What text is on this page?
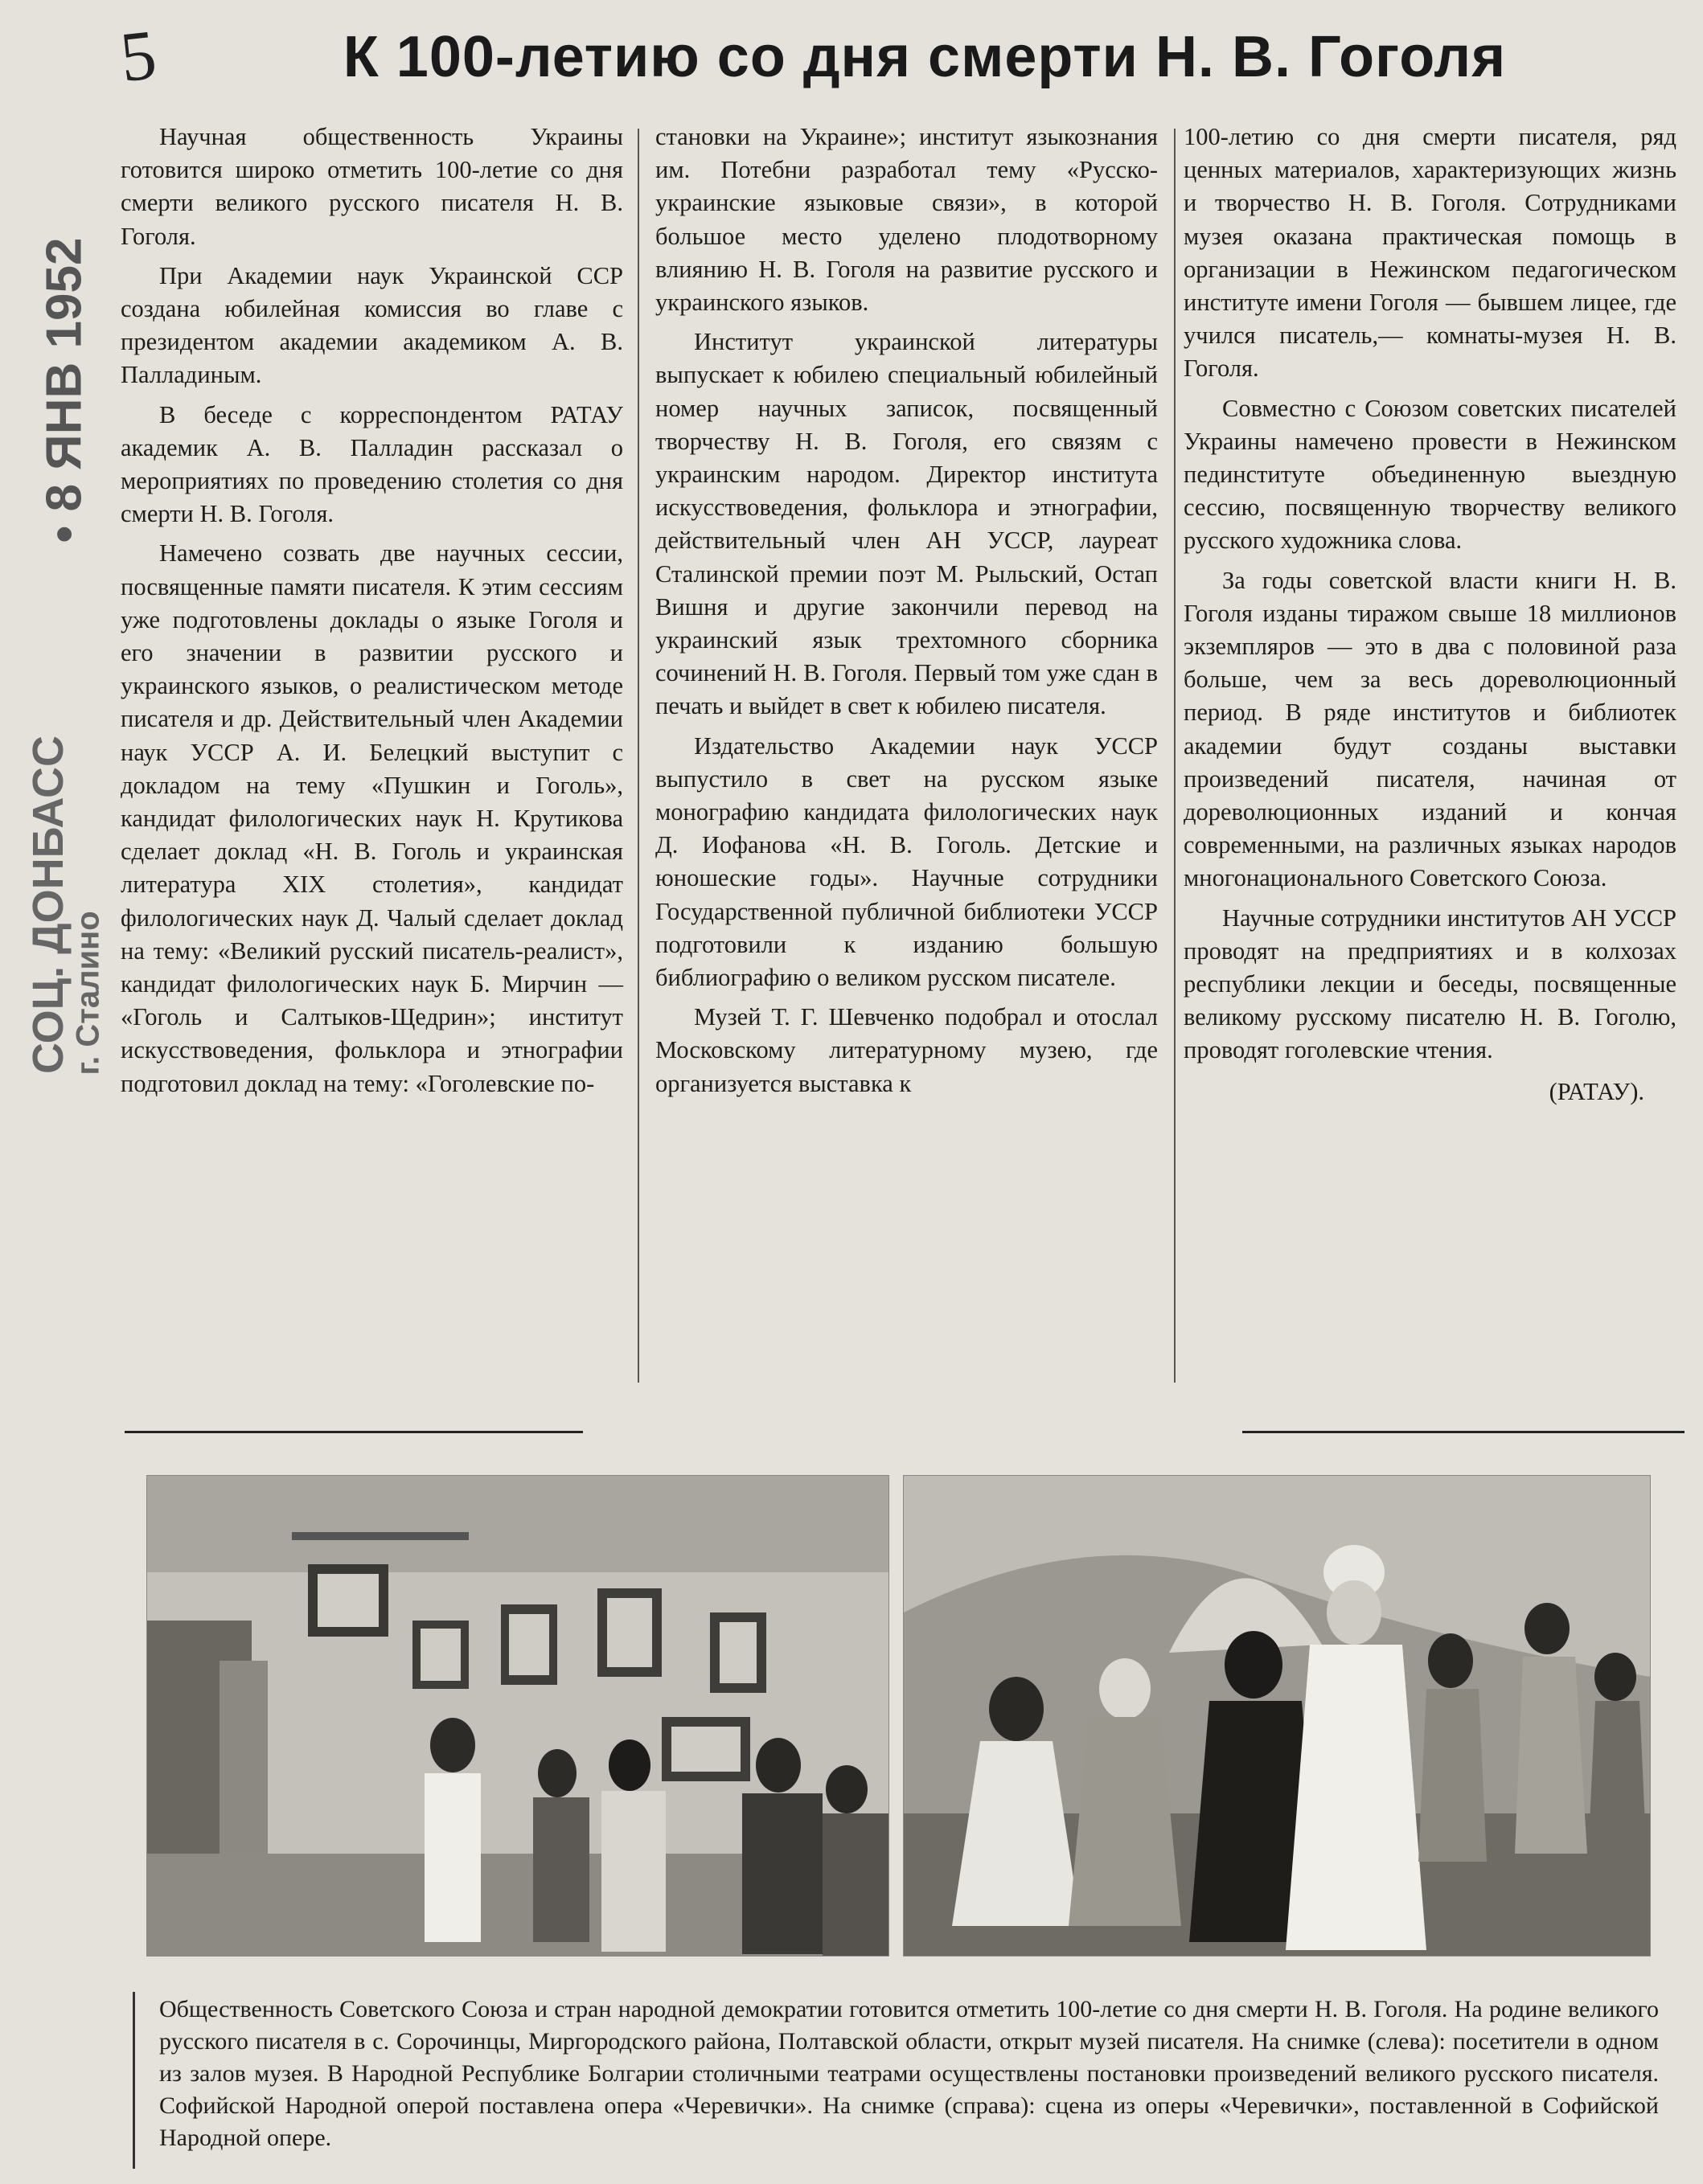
5	К 100-летию со дня смерти Н. В. Гоголя
• 8 ЯНВ 1952
СОЦ. ДОНБАСС
г. Сталино

Научная общественность Украины готовится широко отметить 100-летие со дня смерти великого русского писателя Н. В. Гоголя.

При Академии наук Украинской ССР создана юбилейная комиссия во главе с президентом академии академиком А. В. Палладиным.

В беседе с корреспондентом РАТАУ академик А. В. Палладин рассказал о мероприятиях по проведению столетия со дня смерти Н. В. Гоголя.

Намечено созвать две научных сессии, посвященные памяти писателя. К этим сессиям уже подготовлены доклады о языке Гоголя и его значении в развитии русского и украинского языков, о реалистическом методе писателя и др. Действительный член Академии наук УССР А. И. Белецкий выступит с докладом на тему «Пушкин и Гоголь», кандидат филологических наук Н. Крутикова сделает доклад «Н. В. Гоголь и украинская литература XIX столетия», кандидат филологических наук Д. Чалый сделает доклад на тему: «Великий русский писатель-реалист», кандидат филологических наук Б. Мирчин — «Гоголь и Салтыков-Щедрин»; институт искусствоведения, фольклора и этнографии подготовил доклад на тему: «Гоголевские по-

становки на Украине»; институт языкознания им. Потебни разработал тему «Русско-украинские языковые связи», в которой большое место уделено плодотворному влиянию Н. В. Гоголя на развитие русского и украинского языков.

Институт украинской литературы выпускает к юбилею специальный юбилейный номер научных записок, посвященный творчеству Н. В. Гоголя, его связям с украинским народом. Директор института искусствоведения, фольклора и этнографии, действительный член АН УССР, лауреат Сталинской премии поэт М. Рыльский, Остап Вишня и другие закончили перевод на украинский язык трехтомного сборника сочинений Н. В. Гоголя. Первый том уже сдан в печать и выйдет в свет к юбилею писателя.

Издательство Академии наук УССР выпустило в свет на русском языке монографию кандидата филологических наук Д. Иофанова «Н. В. Гоголь. Детские и юношеские годы». Научные сотрудники Государственной публичной библиотеки УССР подготовили к изданию большую библиографию о великом русском писателе.

Музей Т. Г. Шевченко подобрал и отослал Московскому литературному музею, где организуется выставка к

100-летию со дня смерти писателя, ряд ценных материалов, характеризующих жизнь и творчество Н. В. Гоголя. Сотрудниками музея оказана практическая помощь в организации в Нежинском педагогическом институте имени Гоголя — бывшем лицее, где учился писатель,— комнаты-музея Н. В. Гоголя.

Совместно с Союзом советских писателей Украины намечено провести в Нежинском пединституте объединенную выездную сессию, посвященную творчеству великого русского художника слова.

За годы советской власти книги Н. В. Гоголя изданы тиражом свыше 18 миллионов экземпляров — это в два с половиной раза больше, чем за весь дореволюционный период. В ряде институтов и библиотек академии будут созданы выставки произведений писателя, начиная от дореволюционных изданий и кончая современными, на различных языках народов многонационального Советского Союза.

Научные сотрудники институтов АН УССР проводят на предприятиях и в колхозах республики лекции и беседы, посвященные великому русскому писателю Н. В. Гоголю, проводят гоголевские чтения.

(РАТАУ).
Общественность Советского Союза и стран народной демократии готовится отметить 100-летие со дня смерти Н. В. Гоголя. На родине великого русского писателя в с. Сорочинцы, Миргородского района, Полтавской области, открыт музей писателя. На снимке (слева): посетители в одном из залов музея. В Народной Республике Болгарии столичными театрами осуществлены постановки произведений великого русского писателя. Софийской Народной оперой поставлена опера «Черевички». На снимке (справа): сцена из оперы «Черевички», поставленной в Софийской Народной опере.
